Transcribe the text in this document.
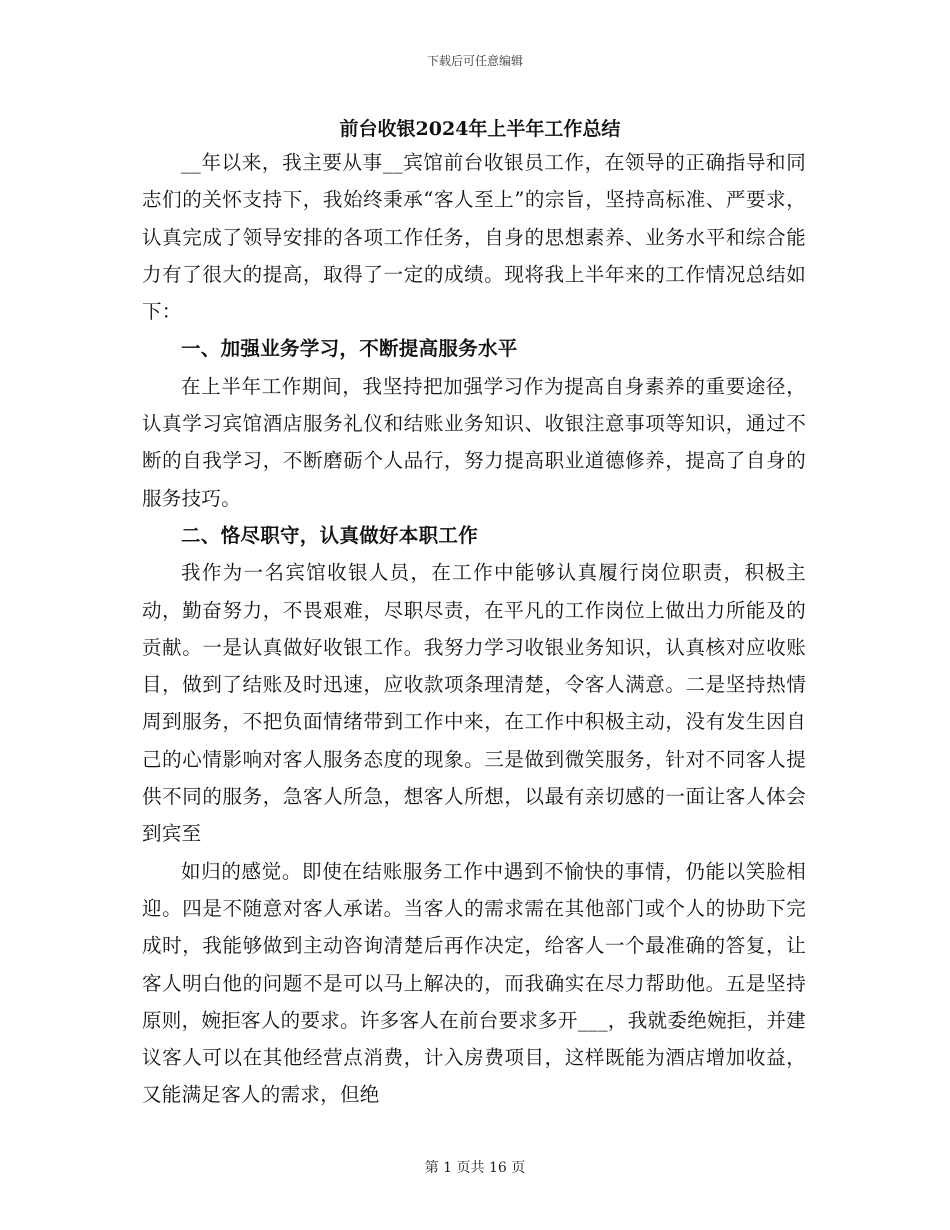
下载后可任意编辑
前台收银2024年上半年工作总结

__年以来，我主要从事__宾馆前台收银员工作，在领导的正确指导和同志们的关怀支持下，我始终秉承“客人至上”的宗旨，坚持高标准、严要求，认真完成了领导安排的各项工作任务，自身的思想素养、业务水平和综合能力有了很大的提高，取得了一定的成绩。现将我上半年来的工作情况总结如下：

一、加强业务学习，不断提高服务水平

在上半年工作期间，我坚持把加强学习作为提高自身素养的重要途径，认真学习宾馆酒店服务礼仪和结账业务知识、收银注意事项等知识，通过不断的自我学习，不断磨砺个人品行，努力提高职业道德修养，提高了自身的服务技巧。

二、恪尽职守，认真做好本职工作

我作为一名宾馆收银人员，在工作中能够认真履行岗位职责，积极主动，勤奋努力，不畏艰难，尽职尽责，在平凡的工作岗位上做出力所能及的贡献。一是认真做好收银工作。我努力学习收银业务知识，认真核对应收账目，做到了结账及时迅速，应收款项条理清楚，令客人满意。二是坚持热情周到服务，不把负面情绪带到工作中来，在工作中积极主动，没有发生因自己的心情影响对客人服务态度的现象。三是做到微笑服务，针对不同客人提供不同的服务，急客人所急，想客人所想，以最有亲切感的一面让客人体会到宾至

如归的感觉。即使在结账服务工作中遇到不愉快的事情，仍能以笑脸相迎。四是不随意对客人承诺。当客人的需求需在其他部门或个人的协助下完成时，我能够做到主动咨询清楚后再作决定，给客人一个最准确的答复，让客人明白他的问题不是可以马上解决的，而我确实在尽力帮助他。五是坚持原则，婉拒客人的要求。许多客人在前台要求多开___，我就委绝婉拒，并建议客人可以在其他经营点消费，计入房费项目，这样既能为酒店增加收益，又能满足客人的需求，但绝

第 1 页共 16 页
